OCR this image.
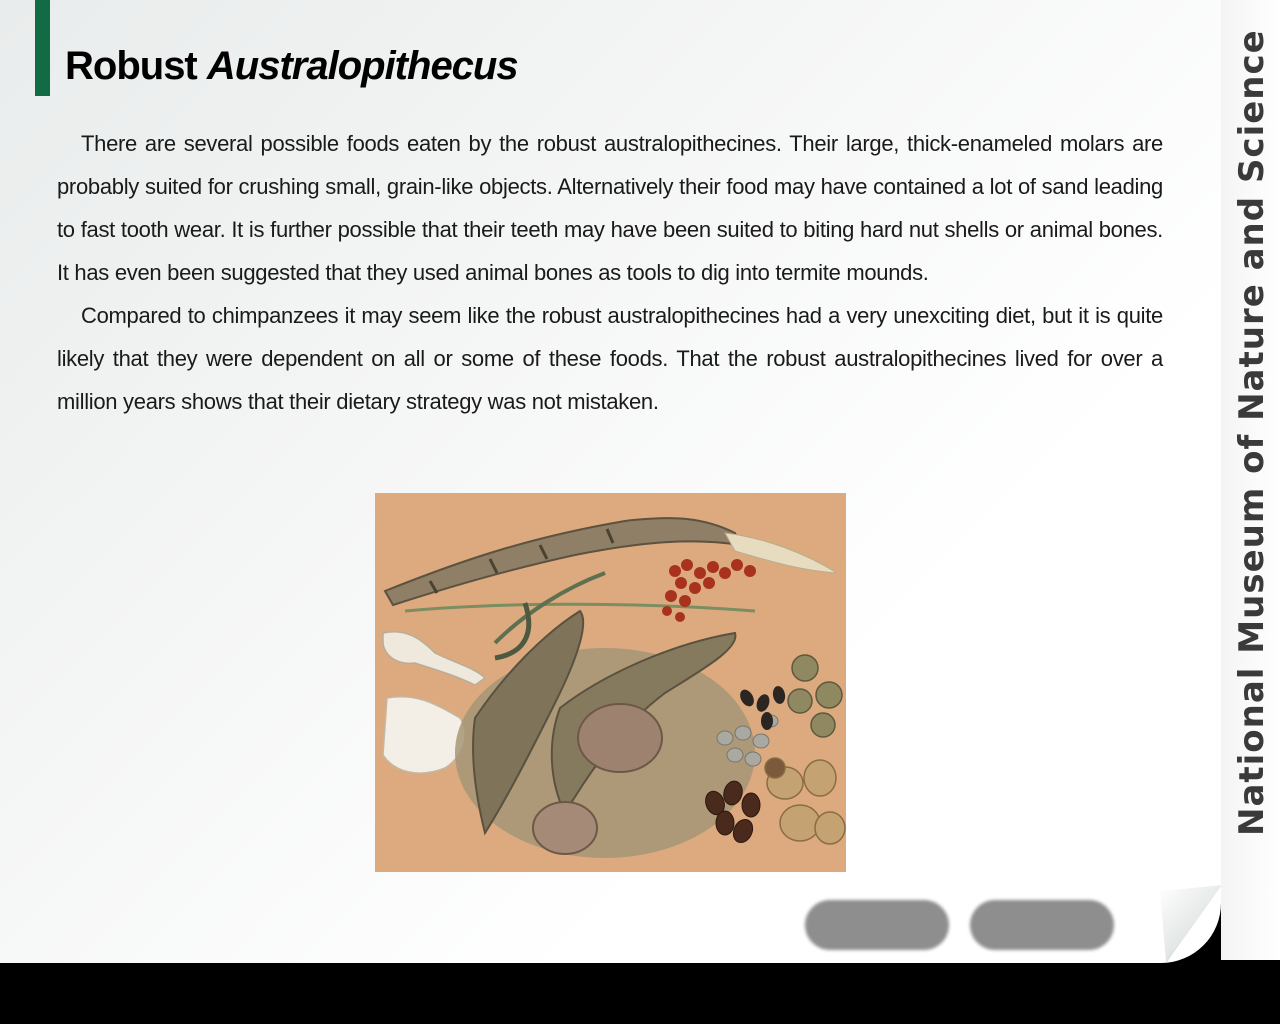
National Museum of Nature and Science
Robust Australopithecus

There are several possible foods eaten by the robust australopithecines. Their large, thick-enameled molars are probably suited for crushing small, grain-like objects. Alternatively their food may have contained a lot of sand leading to fast tooth wear. It is further possible that their teeth may have been suited to biting hard nut shells or animal bones. It has even been suggested that they used animal bones as tools to dig into termite mounds.

Compared to chimpanzees it may seem like the robust australopithecines had a very unexciting diet, but it is quite likely that they were dependent on all or some of these foods. That the robust australopithecines lived for over a million years shows that their dietary strategy was not mistaken.
